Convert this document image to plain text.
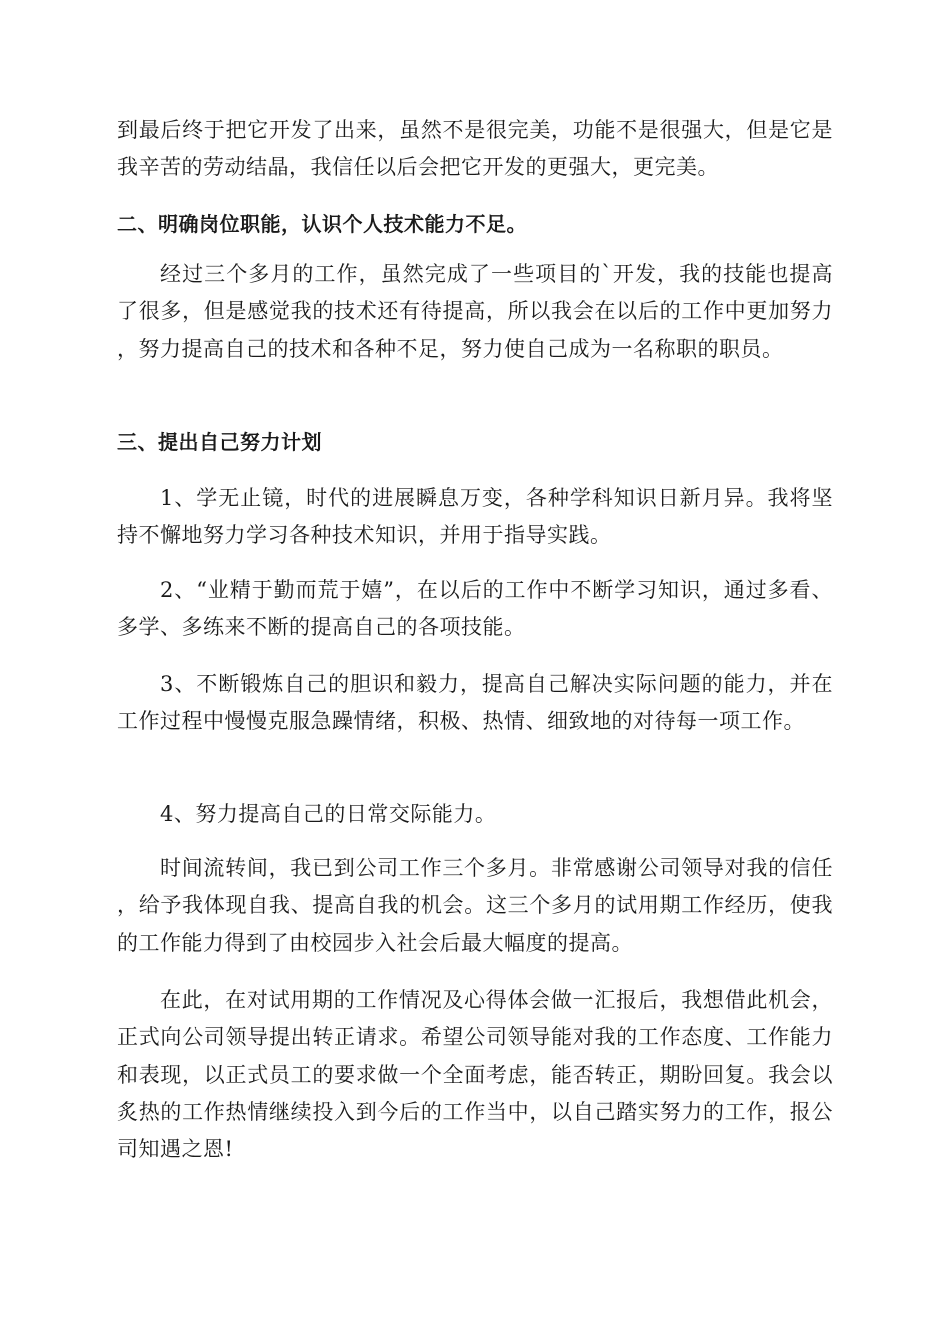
到最后终于把它开发了出来，虽然不是很完美，功能不是很强大，但是它是我辛苦的劳动结晶，我信任以后会把它开发的更强大，更完美。

二、明确岗位职能，认识个人技术能力不足。

经过三个多月的工作，虽然完成了一些项目的`开发，我的技能也提高了很多，但是感觉我的技术还有待提高，所以我会在以后的工作中更加努力，努力提高自己的技术和各种不足，努力使自己成为一名称职的职员。

三、提出自己努力计划

1、学无止镜，时代的进展瞬息万变，各种学科知识日新月异。我将坚持不懈地努力学习各种技术知识，并用于指导实践。

2、“业精于勤而荒于嬉”，在以后的工作中不断学习知识，通过多看、多学、多练来不断的提高自己的各项技能。

3、不断锻炼自己的胆识和毅力，提高自己解决实际问题的能力，并在工作过程中慢慢克服急躁情绪，积极、热情、细致地的对待每一项工作。

4、努力提高自己的日常交际能力。

时间流转间，我已到公司工作三个多月。非常感谢公司领导对我的信任，给予我体现自我、提高自我的机会。这三个多月的试用期工作经历，使我的工作能力得到了由校园步入社会后最大幅度的提高。

在此，在对试用期的工作情况及心得体会做一汇报后，我想借此机会，正式向公司领导提出转正请求。希望公司领导能对我的工作态度、工作能力和表现，以正式员工的要求做一个全面考虑，能否转正，期盼回复。我会以炙热的工作热情继续投入到今后的工作当中，以自己踏实努力的工作，报公司知遇之恩!
